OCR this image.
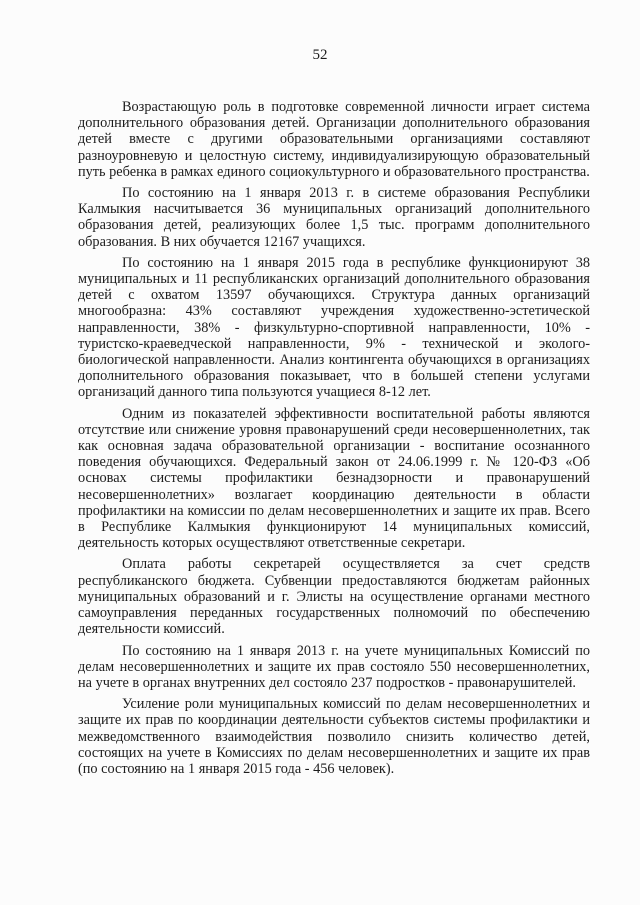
52

Возрастающую роль в подготовке современной личности играет система дополнительного образования детей. Организации дополнительного образования детей вместе с другими образовательными организациями составляют разноуровневую и целостную систему, индивидуализирующую образовательный путь ребенка в рамках единого социокультурного и образовательного пространства.

По состоянию на 1 января 2013 г. в системе образования Республики Калмыкия насчитывается 36 муниципальных организаций дополнительного образования детей, реализующих более 1,5 тыс. программ дополнительного образования. В них обучается 12167 учащихся.

По состоянию на 1 января 2015 года в республике функционируют 38 муниципальных и 11 республиканских организаций дополнительного образования детей с охватом 13597 обучающихся. Структура данных организаций многообразна: 43% составляют учреждения художественно-эстетической направленности, 38% - физкультурно-спортивной направленности, 10% - туристско-краеведческой направленности, 9% - технической и эколого-биологической направленности. Анализ контингента обучающихся в организациях дополнительного образования показывает, что в большей степени услугами организаций данного типа пользуются учащиеся 8-12 лет.

Одним из показателей эффективности воспитательной работы являются отсутствие или снижение уровня правонарушений среди несовершеннолетних, так как основная задача образовательной организации - воспитание осознанного поведения обучающихся. Федеральный закон от 24.06.1999 г. № 120-ФЗ «Об основах системы профилактики безнадзорности и правонарушений несовершеннолетних» возлагает координацию деятельности в области профилактики на комиссии по делам несовершеннолетних и защите их прав. Всего в Республике Калмыкия функционируют 14 муниципальных комиссий, деятельность которых осуществляют ответственные секретари.

Оплата работы секретарей осуществляется за счет средств республиканского бюджета. Субвенции предоставляются бюджетам районных муниципальных образований и г. Элисты на осуществление органами местного самоуправления переданных государственных полномочий по обеспечению деятельности комиссий.

По состоянию на 1 января 2013 г. на учете муниципальных Комиссий по делам несовершеннолетних и защите их прав состояло 550 несовершеннолетних, на учете в органах внутренних дел состояло 237 подростков - правонарушителей.

Усиление роли муниципальных комиссий по делам несовершеннолетних и защите их прав по координации деятельности субъектов системы профилактики и межведомственного взаимодействия позволило снизить количество детей, состоящих на учете в Комиссиях по делам несовершеннолетних и защите их прав (по состоянию на 1 января 2015 года - 456 человек).
